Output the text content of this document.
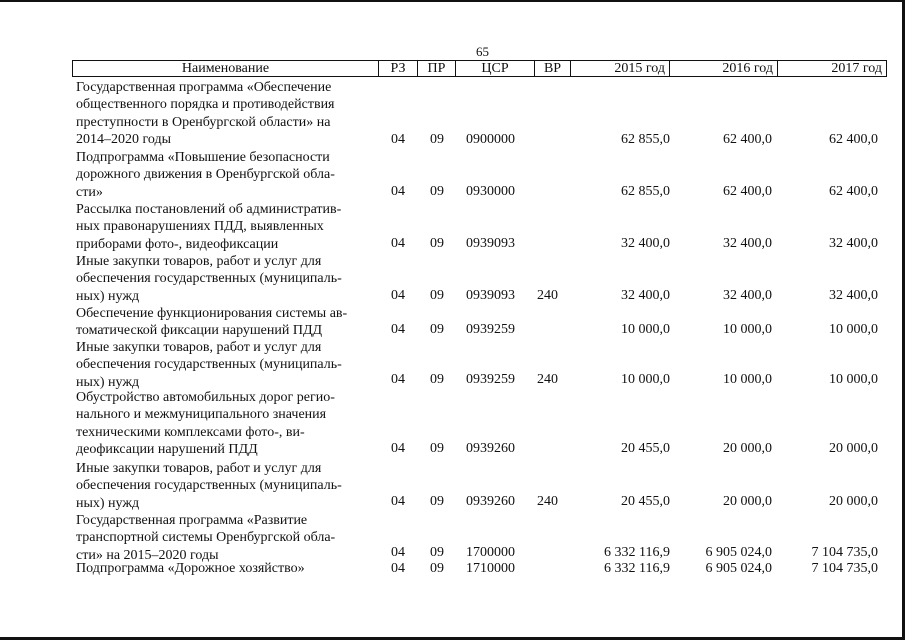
65
Наименование	РЗ	ПР	ЦСР	ВР	2015 год	2016 год	2017 год
Государственная программа «Обеспечение
общественного порядка и противодействия
преступности в Оренбургской области» на
2014–2020 годы	04 09 0900000	62 855,0	62 400,0	62 400,0
Подпрограмма «Повышение безопасности
дорожного движения в Оренбургской обла-
сти»	04 09 0930000	62 855,0	62 400,0	62 400,0
Рассылка постановлений об административ-
ных правонарушениях ПДД, выявленных
приборами фото-, видеофиксации	04 09 0939093	32 400,0	32 400,0	32 400,0
Иные закупки товаров, работ и услуг для
обеспечения государственных (муниципаль-
ных) нужд	04 09 0939093 240	32 400,0	32 400,0	32 400,0
Обеспечение функционирования системы ав-
томатической фиксации нарушений ПДД	04 09 0939259	10 000,0	10 000,0	10 000,0
Иные закупки товаров, работ и услуг для
обеспечения государственных (муниципаль-
ных) нужд	04 09 0939259 240	10 000,0	10 000,0	10 000,0
Обустройство автомобильных дорог регио-
нального и межмуниципального значения
техническими комплексами фото-, ви-
деофиксации нарушений ПДД	04 09 0939260	20 455,0	20 000,0	20 000,0
Иные закупки товаров, работ и услуг для
обеспечения государственных (муниципаль-
ных) нужд	04 09 0939260 240	20 455,0	20 000,0	20 000,0
Государственная программа «Развитие
транспортной системы Оренбургской обла-
сти» на 2015–2020 годы	04 09 1700000	6 332 116,9	6 905 024,0	7 104 735,0
Подпрограмма «Дорожное хозяйство»	04 09 1710000	6 332 116,9	6 905 024,0	7 104 735,0
